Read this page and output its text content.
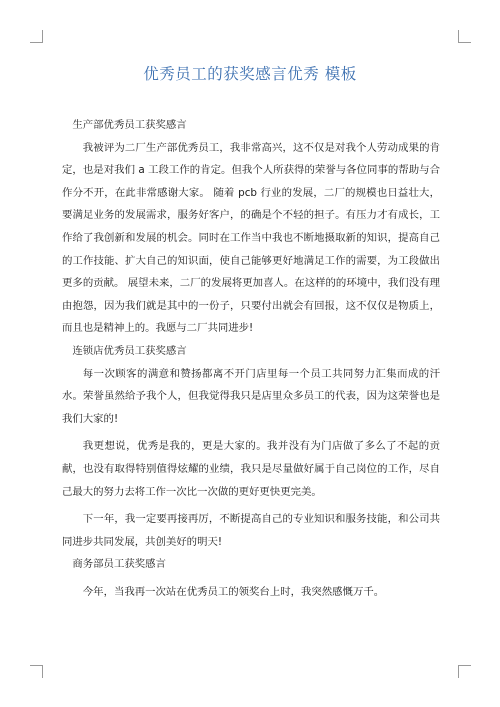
优秀员工的获奖感言优秀 模板

生产部优秀员工获奖感言

我被评为二厂生产部优秀员工，我非常高兴，这不仅是对我个人劳动成果的肯定，也是对我们 a 工段工作的肯定。但我个人所获得的荣誉与各位同事的帮助与合作分不开，在此非常感谢大家。 随着 pcb 行业的发展，二厂的规模也日益壮大，要满足业务的发展需求，服务好客户，的确是个不轻的担子。有压力才有成长，工作给了我创新和发展的机会。同时在工作当中我也不断地摄取新的知识，提高自己的工作技能、扩大自己的知识面，使自己能够更好地满足工作的需要，为工段做出更多的贡献。 展望未来，二厂的发展将更加喜人。在这样的的环境中，我们没有理由抱怨，因为我们就是其中的一份子，只要付出就会有回报，这不仅仅是物质上，而且也是精神上的。我愿与二厂共同进步!

连锁店优秀员工获奖感言

每一次顾客的满意和赞扬都离不开门店里每一个员工共同努力汇集而成的汗水。荣誉虽然给予我个人，但我觉得我只是店里众多员工的代表，因为这荣誉也是我们大家的!

我更想说，优秀是我的，更是大家的。我并没有为门店做了多么了不起的贡献，也没有取得特别值得炫耀的业绩，我只是尽量做好属于自己岗位的工作，尽自己最大的努力去将工作一次比一次做的更好更快更完美。

下一年，我一定要再接再厉，不断提高自己的专业知识和服务技能，和公司共同进步共同发展，共创美好的明天!

商务部员工获奖感言

今年，当我再一次站在优秀员工的领奖台上时，我突然感慨万千。
